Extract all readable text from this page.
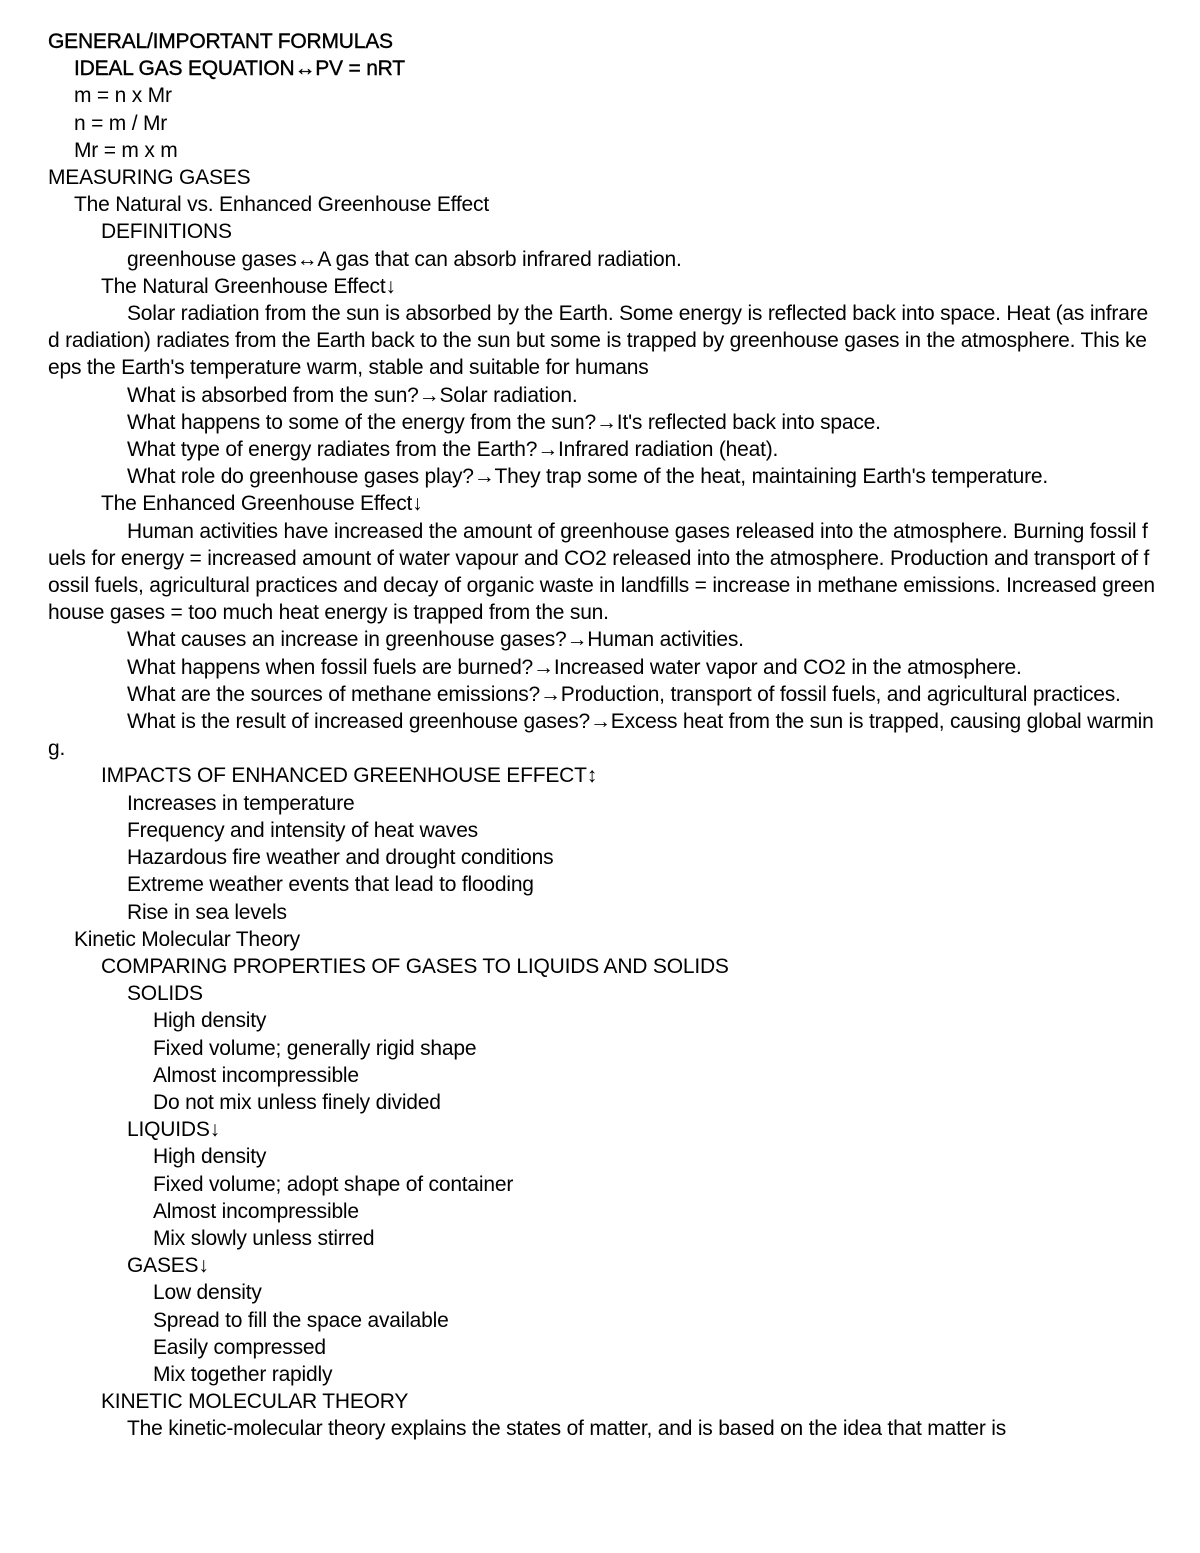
GENERAL/IMPORTANT FORMULAS

IDEAL GAS EQUATION↔PV = nRT

m = n x Mr

n = m / Mr

Mr = m x m

MEASURING GASES

The Natural vs. Enhanced Greenhouse Effect

DEFINITIONS

greenhouse gases↔A gas that can absorb infrared radiation.

The Natural Greenhouse Effect↓

Solar radiation from the sun is absorbed by the Earth. Some energy is reflected back into space. Heat (as infrared radiation) radiates from the Earth back to the sun but some is trapped by greenhouse gases in the atmosphere. This keeps the Earth's temperature warm, stable and suitable for humans

What is absorbed from the sun?→Solar radiation.

What happens to some of the energy from the sun?→It's reflected back into space.

What type of energy radiates from the Earth?→Infrared radiation (heat).

What role do greenhouse gases play?→They trap some of the heat, maintaining Earth's temperature.

The Enhanced Greenhouse Effect↓

Human activities have increased the amount of greenhouse gases released into the atmosphere. Burning fossil fuels for energy = increased amount of water vapour and CO2 released into the atmosphere. Production and transport of fossil fuels, agricultural practices and decay of organic waste in landfills = increase in methane emissions. Increased greenhouse gases = too much heat energy is trapped from the sun.

What causes an increase in greenhouse gases?→Human activities.

What happens when fossil fuels are burned?→Increased water vapor and CO2 in the atmosphere.

What are the sources of methane emissions?→Production, transport of fossil fuels, and agricultural practices.

What is the result of increased greenhouse gases?→Excess heat from the sun is trapped, causing global warming.

IMPACTS OF ENHANCED GREENHOUSE EFFECT↕

Increases in temperature

Frequency and intensity of heat waves

Hazardous fire weather and drought conditions

Extreme weather events that lead to flooding

Rise in sea levels

Kinetic Molecular Theory

COMPARING PROPERTIES OF GASES TO LIQUIDS AND SOLIDS

SOLIDS

High density

Fixed volume; generally rigid shape

Almost incompressible

Do not mix unless finely divided

LIQUIDS↓

High density

Fixed volume; adopt shape of container

Almost incompressible

Mix slowly unless stirred

GASES↓

Low density

Spread to fill the space available

Easily compressed

Mix together rapidly

KINETIC MOLECULAR THEORY

The kinetic-molecular theory explains the states of matter, and is based on the idea that matter is
